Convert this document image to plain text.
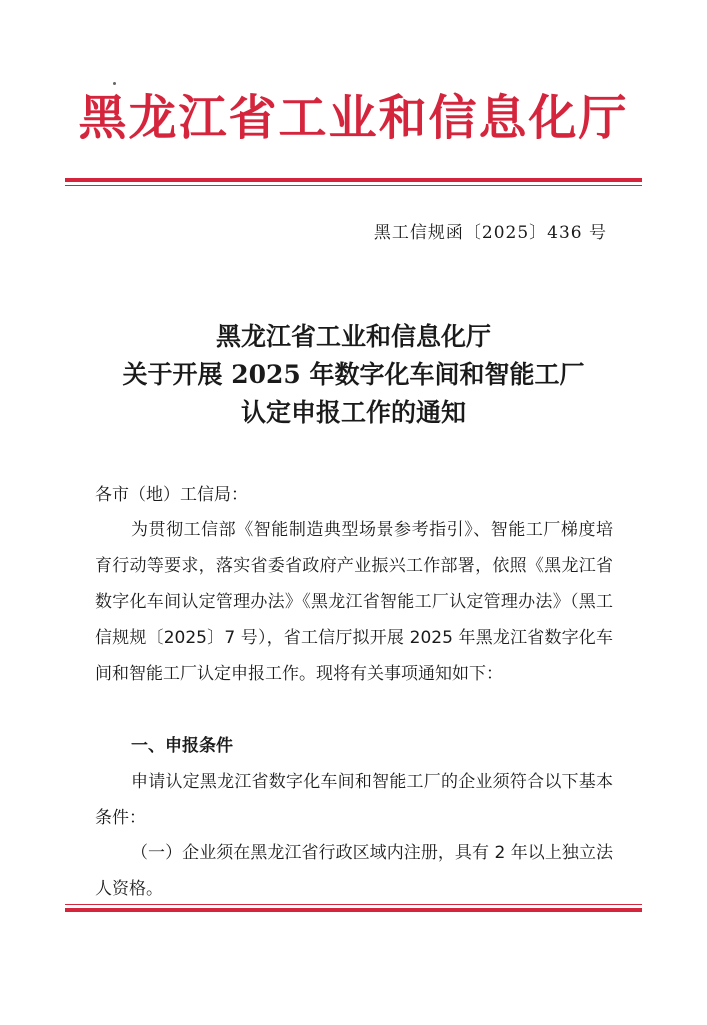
黑龙江省工业和信息化厅
黑工信规函〔2025〕436 号
黑龙江省工业和信息化厅
关于开展 2025 年数字化车间和智能工厂
认定申报工作的通知
各市（地）工信局：
为贯彻工信部《智能制造典型场景参考指引》、智能工厂梯度培育行动等要求，落实省委省政府产业振兴工作部署，依照《黑龙江省数字化车间认定管理办法》《黑龙江省智能工厂认定管理办法》（黑工信规规〔2025〕7 号），省工信厅拟开展 2025 年黑龙江省数字化车间和智能工厂认定申报工作。现将有关事项通知如下：
一、申报条件
申请认定黑龙江省数字化车间和智能工厂的企业须符合以下基本条件：
（一）企业须在黑龙江省行政区域内注册，具有 2 年以上独立法人资格。
